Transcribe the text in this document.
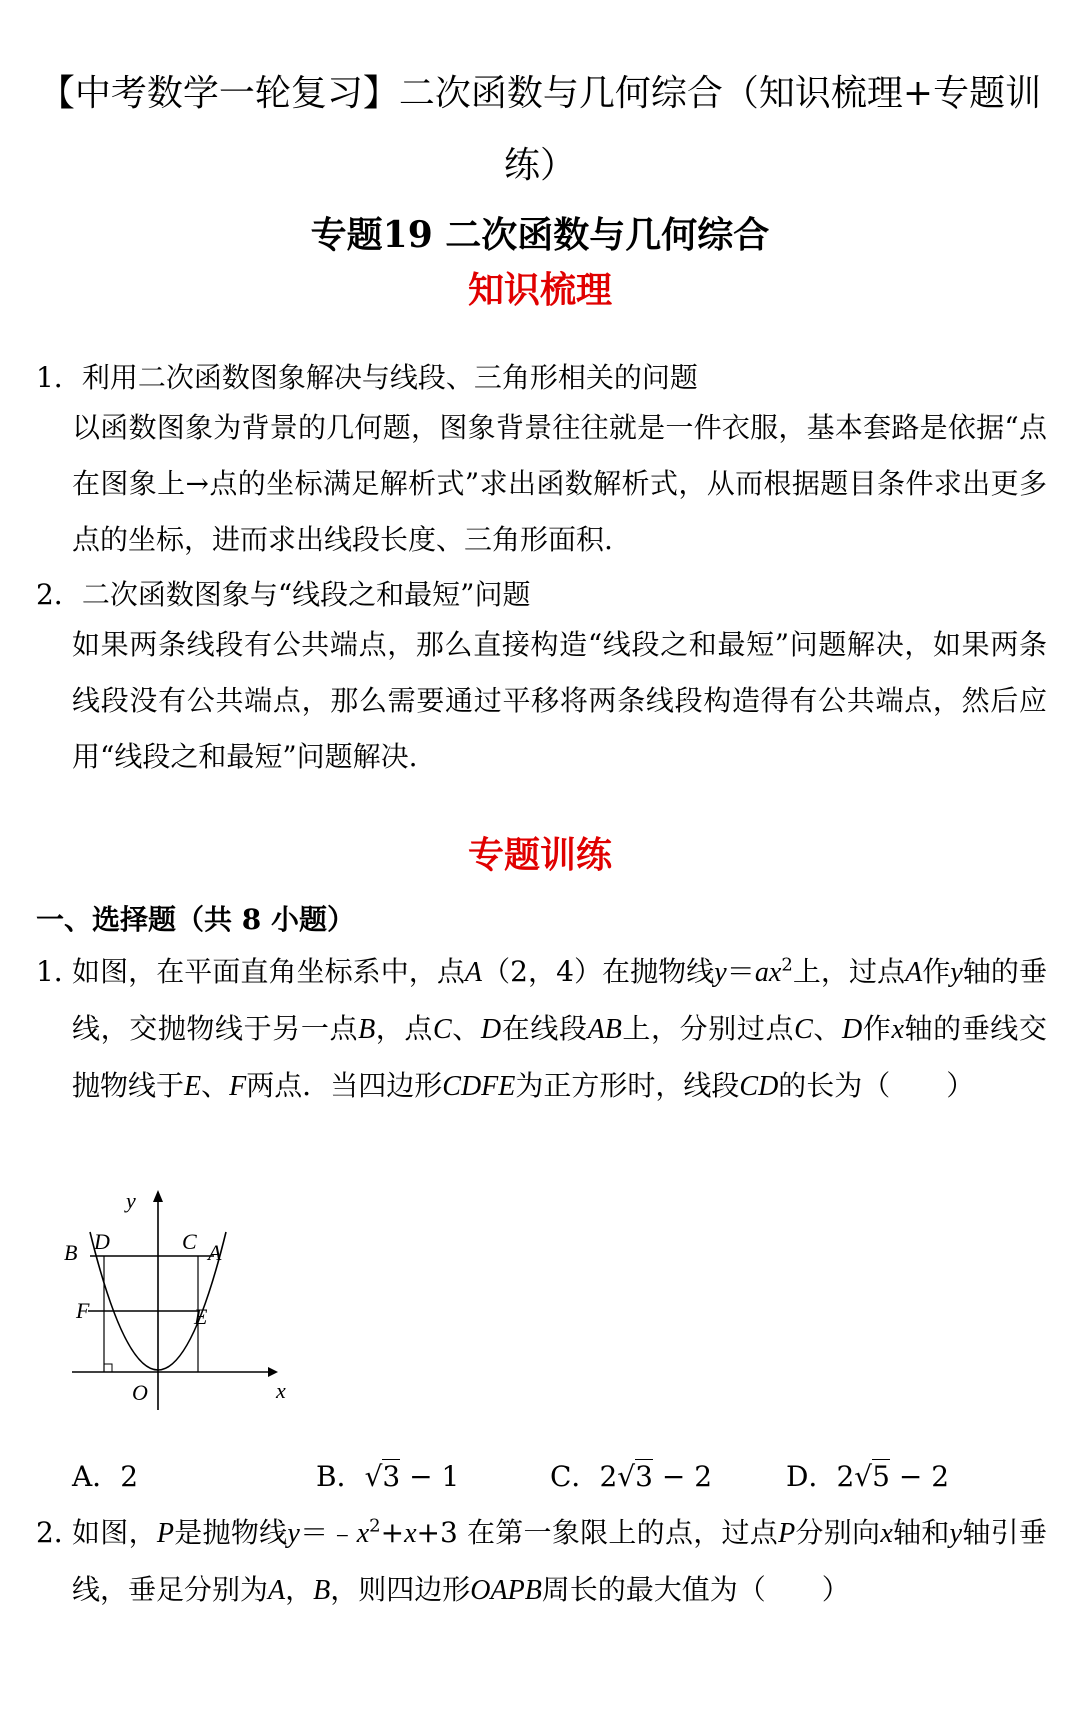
【中考数学一轮复习】二次函数与几何综合（知识梳理+专题训练）
专题19 二次函数与几何综合
知识梳理
1．利用二次函数图象解决与线段、三角形相关的问题
以函数图象为背景的几何题，图象背景往往就是一件衣服，基本套路是依据“点在图象上→点的坐标满足解析式”求出函数解析式，从而根据题目条件求出更多点的坐标，进而求出线段长度、三角形面积.
2．二次函数图象与“线段之和最短”问题
如果两条线段有公共端点，那么直接构造“线段之和最短”问题解决，如果两条线段没有公共端点，那么需要通过平移将两条线段构造得有公共端点，然后应用“线段之和最短”问题解决.
专题训练
一、选择题（共 8 小题）
1．
如图，在平面直角坐标系中，点A（2，4）在抛物线$y=ax^2$上，过点A作y轴的垂线，交抛物线于另一点B，点C、D在线段AB上，分别过点C、D作x轴的垂线交抛物线于E、F两点．当四边形CDFE为正方形时，线段CD的长为（　　）
y
x
O
B D	C A
F	E
A．2	B．√3 − 1	C．2√3 − 2	D．2√5 − 2
2．
如图，P是抛物线$y=﹣x^2+x+3$ 在第一象限上的点，过点P分别向x轴和y轴引垂线，垂足分别为A，B，则四边形OAPB周长的最大值为（　　）
